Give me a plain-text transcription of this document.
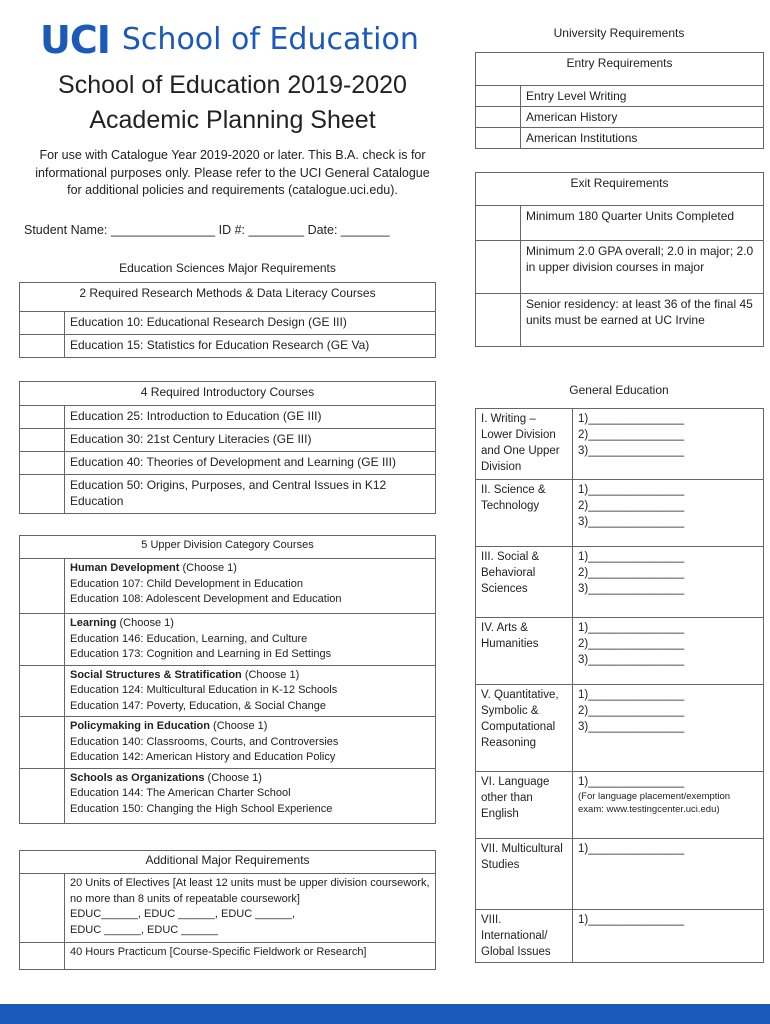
UCI School of Education
School of Education 2019-2020
Academic Planning Sheet
For use with Catalogue Year 2019-2020 or later. This B.A. check is for informational purposes only. Please refer to the UCI General Catalogue for additional policies and requirements (catalogue.uci.edu).
Student Name: _______________ ID #: ________ Date: _______
Education Sciences Major Requirements
2 Required Research Methods & Data Literacy Courses	
	Education 10: Educational Research Design (GE III)
	Education 15: Statistics for Education Research (GE Va)
4 Required Introductory Courses	
	Education 25: Introduction to Education (GE III)
	Education 30: 21st Century Literacies (GE III)
	Education 40: Theories of Development and Learning (GE III)
	Education 50: Origins, Purposes, and Central Issues in K12 Education
5 Upper Division Category Courses	

	Human Development (Choose 1)
Education 107: Child Development in Education
Education 108: Adolescent Development and Education

	Learning (Choose 1)
Education 146: Education, Learning, and Culture
Education 173: Cognition and Learning in Ed Settings

	Social Structures & Stratification (Choose 1)
Education 124: Multicultural Education in K-12 Schools
Education 147: Poverty, Education, & Social Change

	Policymaking in Education (Choose 1)
Education 140: Classrooms, Courts, and Controversies
Education 142: American History and Education Policy

	Schools as Organizations (Choose 1)
Education 144: The American Charter School
Education 150: Changing the High School Experience
Additional Major Requirements	

	20 Units of Electives [At least 12 units must be upper division coursework, no more than 8 units of repeatable coursework]
EDUC______, EDUC ______, EDUC ______,
EDUC ______, EDUC ______

	40 Hours Practicum [Course-Specific Fieldwork or Research]
University Requirements
Entry Requirements	
	Entry Level Writing
	American History
	American Institutions
Exit Requirements	
	Minimum 180 Quarter Units Completed
	Minimum 2.0 GPA overall; 2.0 in major; 2.0 in upper division courses in major
	Senior residency: at least 36 of the final 45 units must be earned at UC Irvine
General Education
I. Writing – Lower Division and One Upper Division	1)_______________
2)_______________
3)_______________
II. Science & Technology	1)_______________
2)_______________
3)_______________
III. Social & Behavioral Sciences	1)_______________
2)_______________
3)_______________
IV. Arts & Humanities	1)_______________
2)_______________
3)_______________
V. Quantitative, Symbolic & Computational Reasoning	1)_______________
2)_______________
3)_______________
VI. Language other than English	1)_______________
(For language placement/exemption exam: www.testingcenter.uci.edu)

VII. Multicultural Studies	1)_______________
VIII. International/ Global Issues	1)_______________
